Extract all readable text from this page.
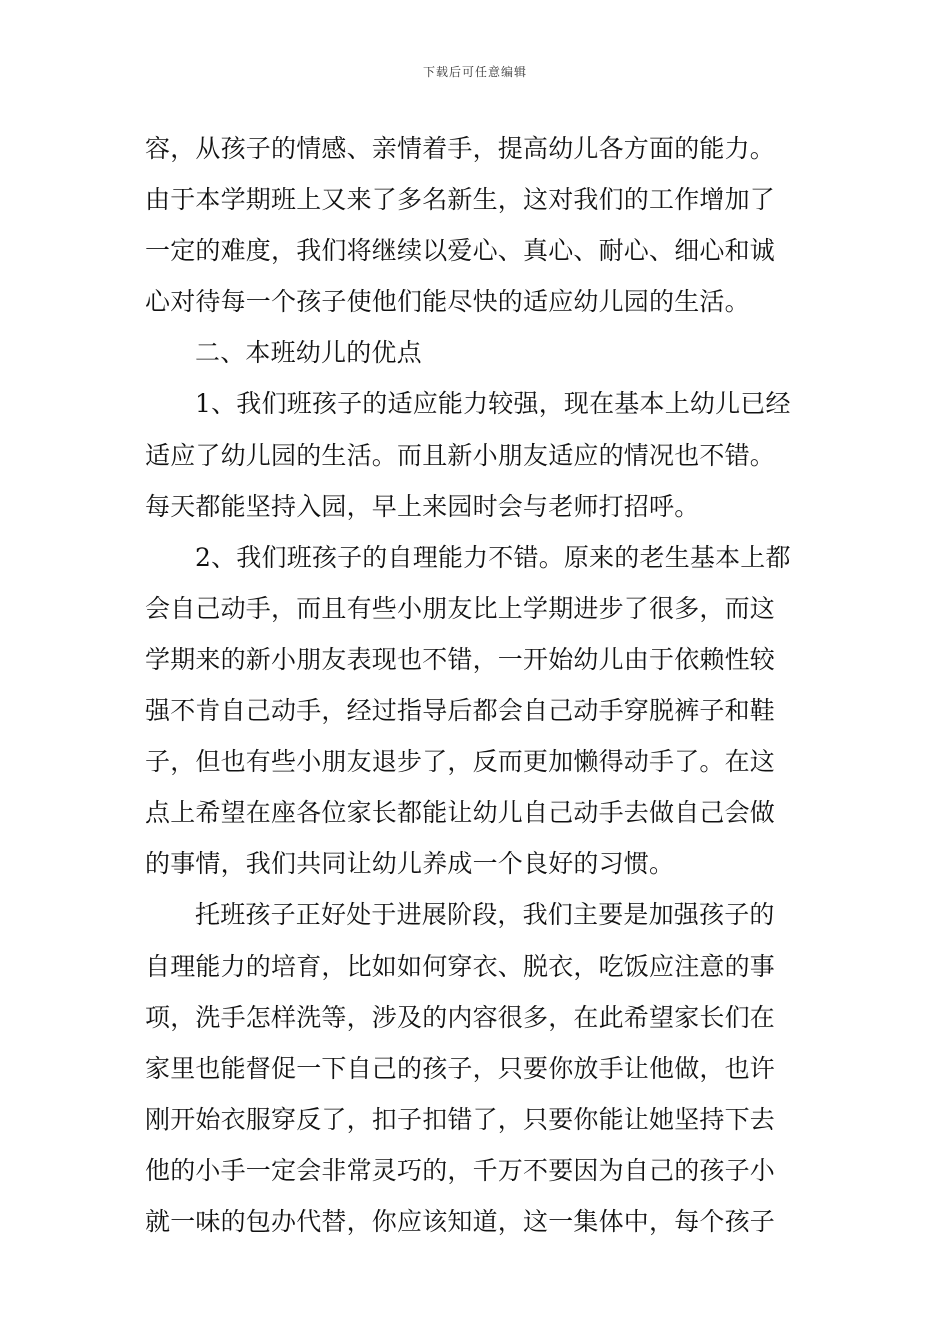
下载后可任意编辑
容，从孩子的情感、亲情着手，提高幼儿各方面的能力。
由于本学期班上又来了多名新生，这对我们的工作增加了
一定的难度，我们将继续以爱心、真心、耐心、细心和诚
心对待每一个孩子使他们能尽快的适应幼儿园的生活。
二、本班幼儿的优点
1、我们班孩子的适应能力较强，现在基本上幼儿已经
适应了幼儿园的生活。而且新小朋友适应的情况也不错。
每天都能坚持入园，早上来园时会与老师打招呼。
2、我们班孩子的自理能力不错。原来的老生基本上都
会自己动手，而且有些小朋友比上学期进步了很多，而这
学期来的新小朋友表现也不错，一开始幼儿由于依赖性较
强不肯自己动手，经过指导后都会自己动手穿脱裤子和鞋
子，但也有些小朋友退步了，反而更加懒得动手了。在这
点上希望在座各位家长都能让幼儿自己动手去做自己会做
的事情，我们共同让幼儿养成一个良好的习惯。
托班孩子正好处于进展阶段，我们主要是加强孩子的
自理能力的培育，比如如何穿衣、脱衣，吃饭应注意的事
项，洗手怎样洗等，涉及的内容很多，在此希望家长们在
家里也能督促一下自己的孩子，只要你放手让他做，也许
刚开始衣服穿反了，扣子扣错了，只要你能让她坚持下去
他的小手一定会非常灵巧的，千万不要因为自己的孩子小
就一味的包办代替，你应该知道，这一集体中，每个孩子
